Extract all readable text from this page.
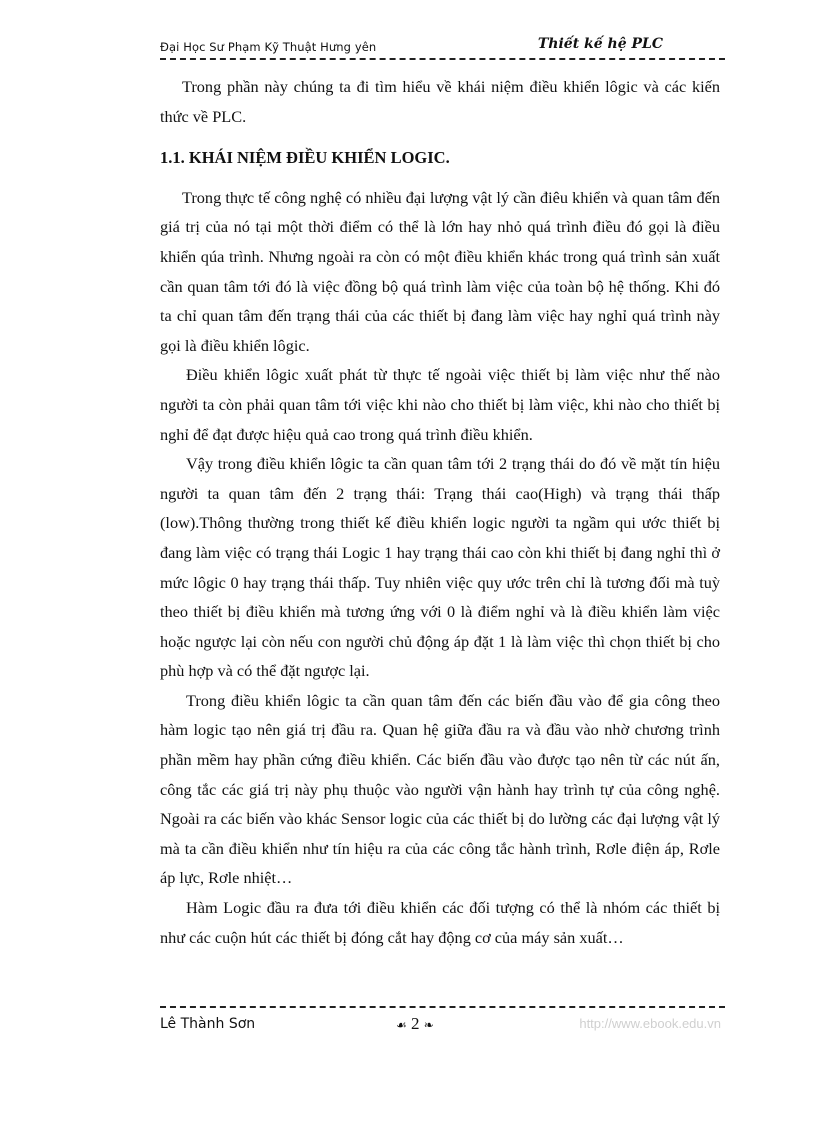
Đại Học Sư Phạm Kỹ Thuật Hưng yên	Thiết kế hệ PLC

Trong phần này chúng ta đi tìm hiểu về khái niệm điều khiển lôgic và các kiến thức về PLC.

1.1. KHÁI NIỆM ĐIỀU KHIỂN LOGIC.

Trong thực tế công nghệ có nhiều đại lượng vật lý cần điêu khiển và quan tâm đến giá trị của nó tại một thời điểm có thể là lớn hay nhỏ quá trình điều đó gọi là điều khiển qúa trình. Nhưng ngoài ra còn có một điều khiển khác trong quá trình sản xuất cần quan tâm tới đó là việc đồng bộ quá trình làm việc của toàn bộ hệ thống. Khi đó ta chỉ quan tâm đến trạng thái của các thiết bị đang làm việc hay nghỉ quá trình này gọi là điều khiển lôgic.

Điều khiển lôgic xuất phát từ thực tế ngoài việc thiết bị làm việc như thế nào người ta còn phải quan tâm tới việc khi nào cho thiết bị làm việc, khi nào cho thiết bị nghỉ để đạt được hiệu quả cao trong quá trình điều khiển.

Vậy trong điều khiển lôgic ta cần quan tâm tới 2 trạng thái do đó về mặt tín hiệu người ta quan tâm đến 2 trạng thái: Trạng thái cao(High) và trạng thái thấp (low).Thông thường trong thiết kế điều khiển logic người ta ngầm qui ước thiết bị đang làm việc có trạng thái Logic 1 hay trạng thái cao còn khi thiết bị đang nghỉ thì ở mức lôgic 0 hay trạng thái thấp. Tuy nhiên việc quy ước trên chỉ là tương đối mà tuỳ theo thiết bị điều khiển mà tương ứng với 0 là điểm nghỉ và là điều khiển làm việc hoặc ngược lại còn nếu con người chủ động áp đặt 1 là làm việc thì chọn thiết bị cho phù hợp và có thể đặt ngược lại.

Trong điều khiển lôgic ta cần quan tâm đến các biến đầu vào để gia công theo hàm logic tạo nên giá trị đầu ra. Quan hệ giữa đầu ra và đầu vào nhờ chương trình phần mềm hay phần cứng điều khiển. Các biến đầu vào được tạo nên từ các nút ấn, công tắc các giá trị này phụ thuộc vào người vận hành hay trình tự của công nghệ. Ngoài ra các biến vào khác Sensor logic của các thiết bị do lường các đại lượng vật lý mà ta cần điều khiển như tín hiệu ra của các công tắc hành trình, Rơle điện áp, Rơle áp lực, Rơle nhiệt…

Hàm Logic đầu ra đưa tới điều khiển các đối tượng có thể là nhóm các thiết bị như các cuộn hút các thiết bị đóng cắt hay động cơ của máy sản xuất…

Lê Thành Sơn	☙ 2 ❧	http://www.ebook.edu.vn
